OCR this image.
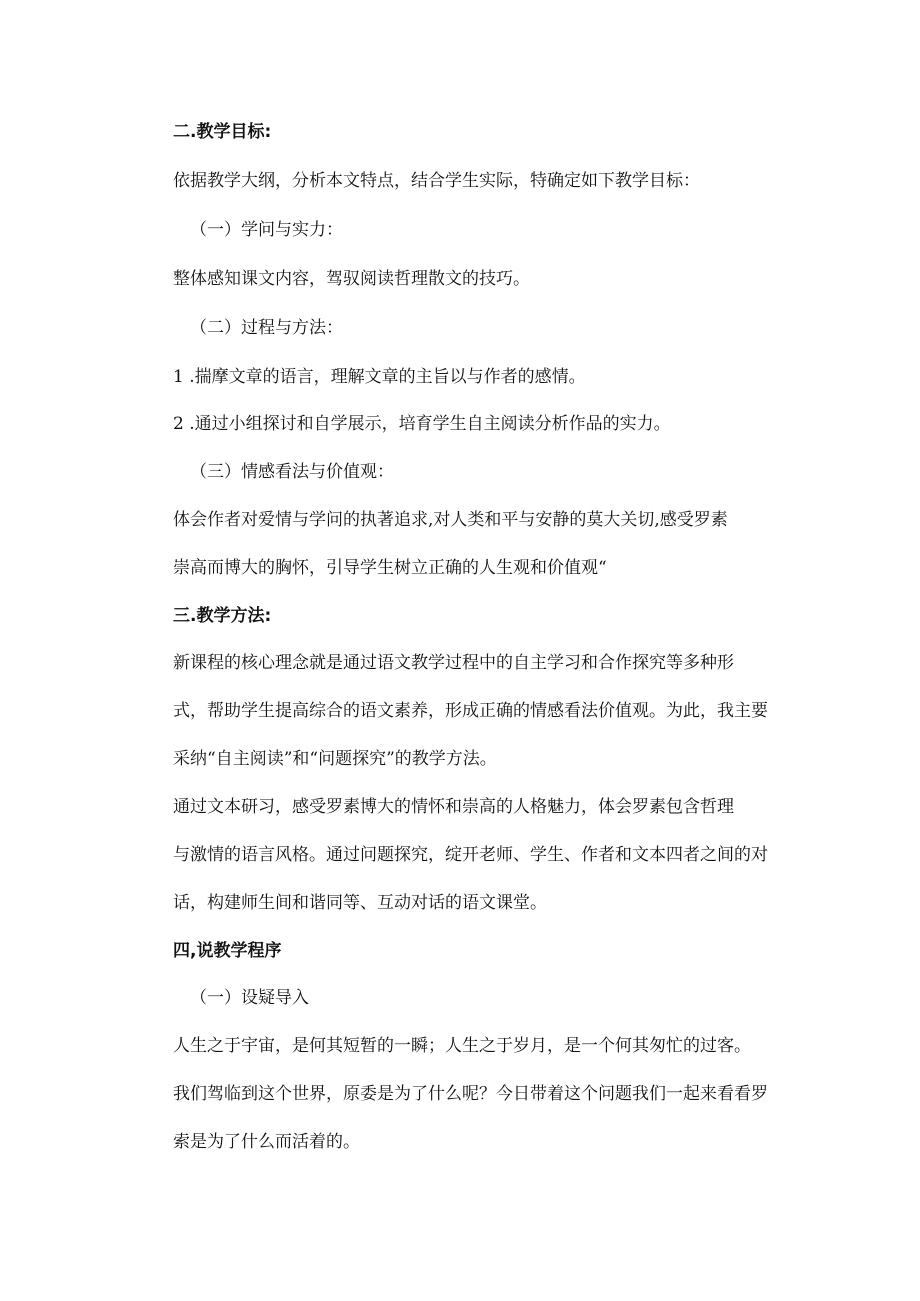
二.教学目标:

依据教学大纲，分析本文特点，结合学生实际，特确定如下教学目标：

（一）学问与实力：

整体感知课文内容，驾驭阅读哲理散文的技巧。

（二）过程与方法：

1 .揣摩文章的语言，理解文章的主旨以与作者的感情。

2 .通过小组探讨和自学展示，培育学生自主阅读分析作品的实力。

（三）情感看法与价值观：

体会作者对爱情与学问的执著追求,对人类和平与安静的莫大关切,感受罗素

崇高而博大的胸怀，引导学生树立正确的人生观和价值观“

三.教学方法:

新课程的核心理念就是通过语文教学过程中的自主学习和合作探究等多种形

式，帮助学生提高综合的语文素养，形成正确的情感看法价值观。为此，我主要

采纳“自主阅读”和“问题探究”的教学方法。

通过文本研习，感受罗素博大的情怀和崇高的人格魅力，体会罗素包含哲理

与激情的语言风格。通过问题探究，绽开老师、学生、作者和文本四者之间的对

话，构建师生间和谐同等、互动对话的语文课堂。

四,说教学程序

（一）设疑导入

人生之于宇宙，是何其短暂的一瞬；人生之于岁月，是一个何其匆忙的过客。

我们驾临到这个世界，原委是为了什么呢？今日带着这个问题我们一起来看看罗

索是为了什么而活着的。
